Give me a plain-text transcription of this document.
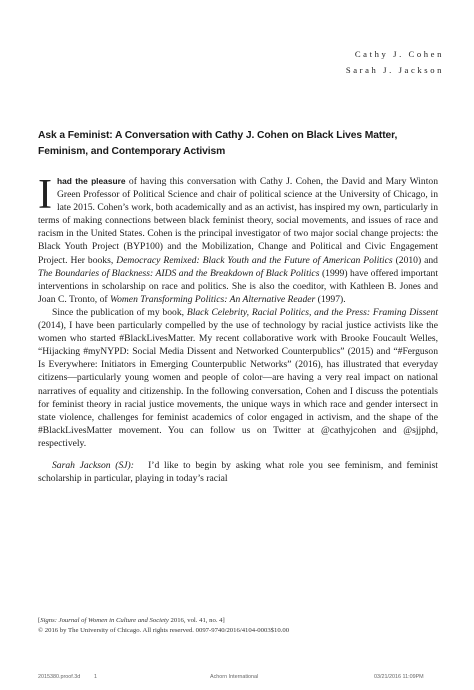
Cathy J. Cohen
Sarah J. Jackson
Ask a Feminist: A Conversation with Cathy J. Cohen on Black Lives Matter, Feminism, and Contemporary Activism

Ihad the pleasure of having this conversation with Cathy J. Cohen, the David and Mary Winton Green Professor of Political Science and chair of political science at the University of Chicago, in late 2015. Cohen’s work, both academically and as an activist, has inspired my own, particularly in terms of making connections between black feminist theory, social movements, and issues of race and racism in the United States. Cohen is the principal investigator of two major social change projects: the Black Youth Project (BYP100) and the Mobilization, Change and Political and Civic Engagement Project. Her books, Democracy Remixed: Black Youth and the Future of American Politics (2010) and The Boundaries of Blackness: AIDS and the Breakdown of Black Politics (1999) have offered important interventions in scholarship on race and politics. She is also the coeditor, with Kathleen B. Jones and Joan C. Tronto, of Women Transforming Politics: An Alternative Reader (1997).

Since the publication of my book, Black Celebrity, Racial Politics, and the Press: Framing Dissent (2014), I have been particularly compelled by the use of technology by racial justice activists like the women who started #BlackLivesMatter. My recent collaborative work with Brooke Foucault Welles, “Hijacking #myNYPD: Social Media Dissent and Networked Counterpublics” (2015) and “#Ferguson Is Everywhere: Initiators in Emerging Counterpublic Networks” (2016), has illustrated that everyday citizens—particularly young women and people of color—are having a very real impact on national narratives of equality and citizenship. In the following conversation, Cohen and I discuss the potentials for feminist theory in racial justice movements, the unique ways in which race and gender intersect in state violence, challenges for feminist academics of color engaged in activism, and the shape of the #BlackLivesMatter movement. You can follow us on Twitter at @cathyjcohen and @sjjphd, respectively.

Sarah Jackson (SJ): I’d like to begin by asking what role you see feminism, and feminist scholarship in particular, playing in today’s racial

[Signs: Journal of Women in Culture and Society 2016, vol. 41, no. 4]
© 2016 by The University of Chicago. All rights reserved. 0097-9740/2016/4104-0003$10.00
2015380.proof.3d	1	Achorn International	03/21/2016 11:09PM
